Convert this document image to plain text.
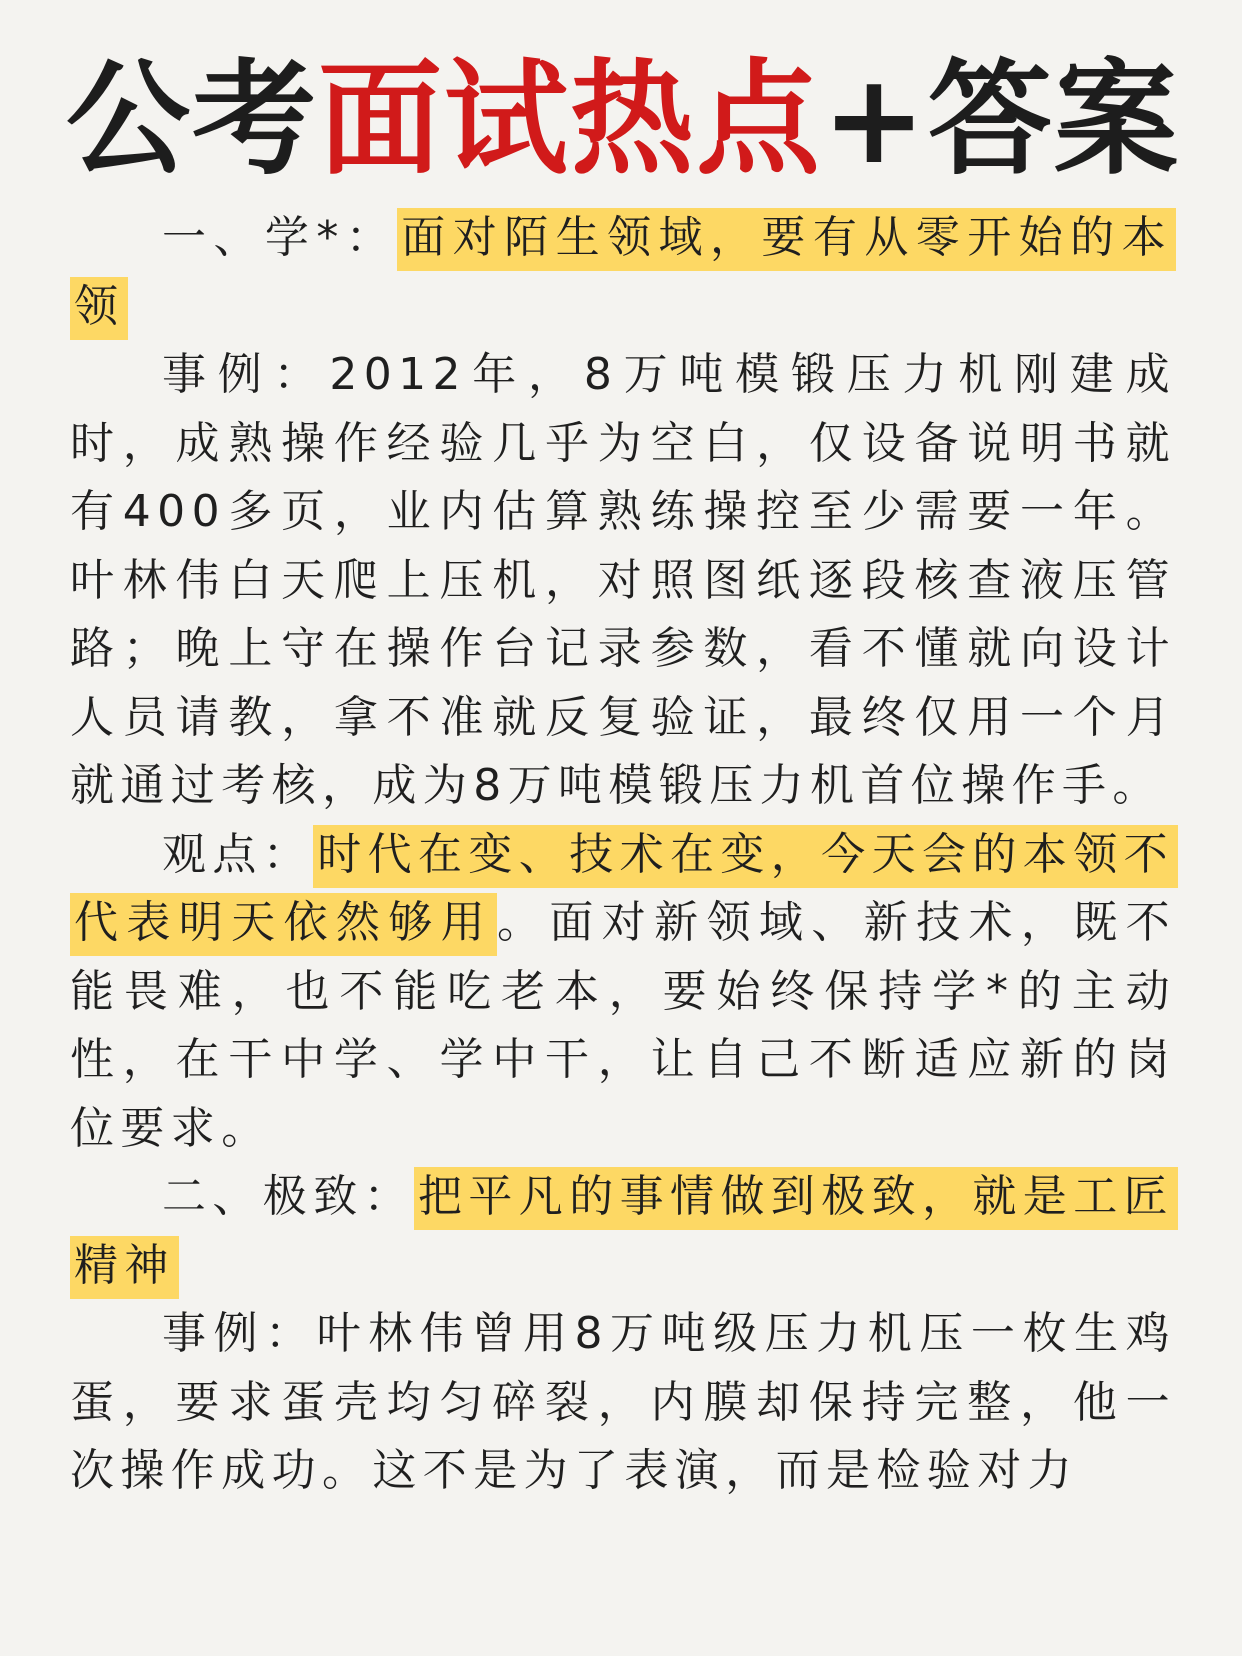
公考面试热点+答案

一、学*：面对陌生领域，要有从零开始的本领

事例：2012年，8万吨模锻压力机刚建成时，成熟操作经验几乎为空白，仅设备说明书就有400多页，业内估算熟练操控至少需要一年。叶林伟白天爬上压机，对照图纸逐段核查液压管路；晚上守在操作台记录参数，看不懂就向设计人员请教，拿不准就反复验证，最终仅用一个月就通过考核，成为8万吨模锻压力机首位操作手。

观点：时代在变、技术在变，今天会的本领不代表明天依然够用。面对新领域、新技术，既不能畏难，也不能吃老本，要始终保持学*的主动性，在干中学、学中干，让自己不断适应新的岗位要求。

二、极致：把平凡的事情做到极致，就是工匠精神

事例：叶林伟曾用8万吨级压力机压一枚生鸡蛋，要求蛋壳均匀碎裂，内膜却保持完整，他一次操作成功。这不是为了表演，而是检验对力
